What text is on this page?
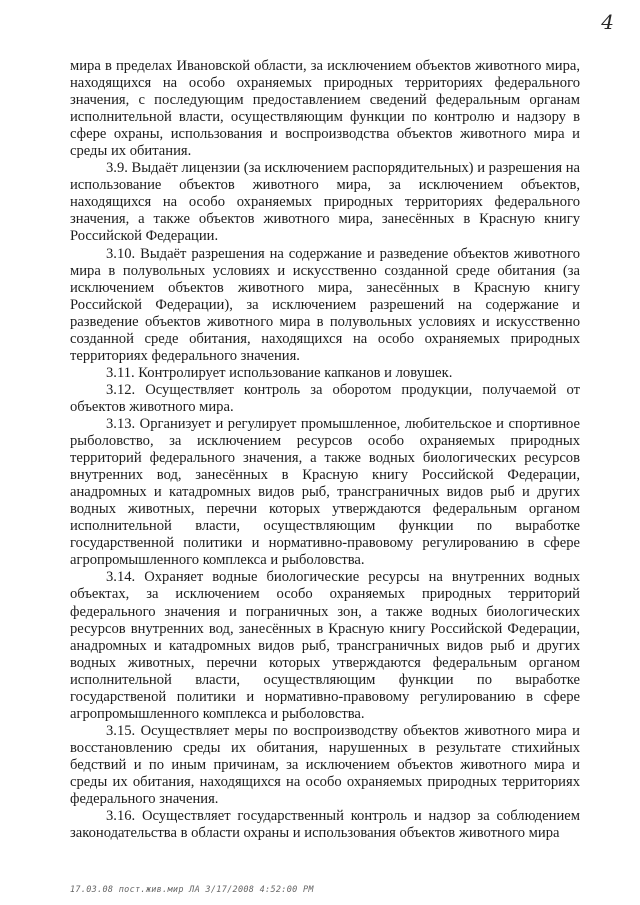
4

мира в пределах Ивановской области, за исключением объектов животного мира, находящихся на особо охраняемых природных территориях федерального значения, с последующим предоставлением сведений федеральным органам исполнительной власти, осуществляющим функции по контролю и надзору в сфере охраны, использования и воспроизводства объектов животного мира и среды их обитания.

3.9. Выдаёт лицензии (за исключением распорядительных) и разрешения на использование объектов животного мира, за исключением объектов, находящихся на особо охраняемых природных территориях федерального значения, а также объектов животного мира, занесённых в Красную книгу Российской Федерации.

3.10. Выдаёт разрешения на содержание и разведение объектов животного мира в полувольных условиях и искусственно созданной среде обитания (за исключением объектов животного мира, занесённых в Красную книгу Российской Федерации), за исключением разрешений на содержание и разведение объектов животного мира в полувольных условиях и искусственно созданной среде обитания, находящихся на особо охраняемых природных территориях федерального значения.

3.11. Контролирует использование капканов и ловушек.

3.12. Осуществляет контроль за оборотом продукции, получаемой от объектов животного мира.

3.13. Организует и регулирует промышленное, любительское и спортивное рыболовство, за исключением ресурсов особо охраняемых природных территорий федерального значения, а также водных биологических ресурсов внутренних вод, занесённых в Красную книгу Российской Федерации, анадромных и катадромных видов рыб, трансграничных видов рыб и других водных животных, перечни которых утверждаются федеральным органом исполнительной власти, осуществляющим функции по выработке государственной политики и нормативно-правовому регулированию в сфере агропромышленного комплекса и рыболовства.

3.14. Охраняет водные биологические ресурсы на внутренних водных объектах, за исключением особо охраняемых природных территорий федерального значения и пограничных зон, а также водных биологических ресурсов внутренних вод, занесённых в Красную книгу Российской Федерации, анадромных и катадромных видов рыб, трансграничных видов рыб и других водных животных, перечни которых утверждаются федеральным органом исполнительной власти, осуществляющим функции по выработке государственой политики и нормативно-правовому регулированию в сфере агропромышленного комплекса и рыболовства.

3.15. Осуществляет меры по воспроизводству объектов животного мира и восстановлению среды их обитания, нарушенных в результате стихийных бедствий и по иным причинам, за исключением объектов животного мира и среды их обитания, находящихся на особо охраняемых природных территориях федерального значения.

3.16. Осуществляет государственный контроль и надзор за соблюдением законодательства в области охраны и использования объектов животного мира

17.03.08 пост.жив.мир ЛА 3/17/2008 4:52:00 PM
